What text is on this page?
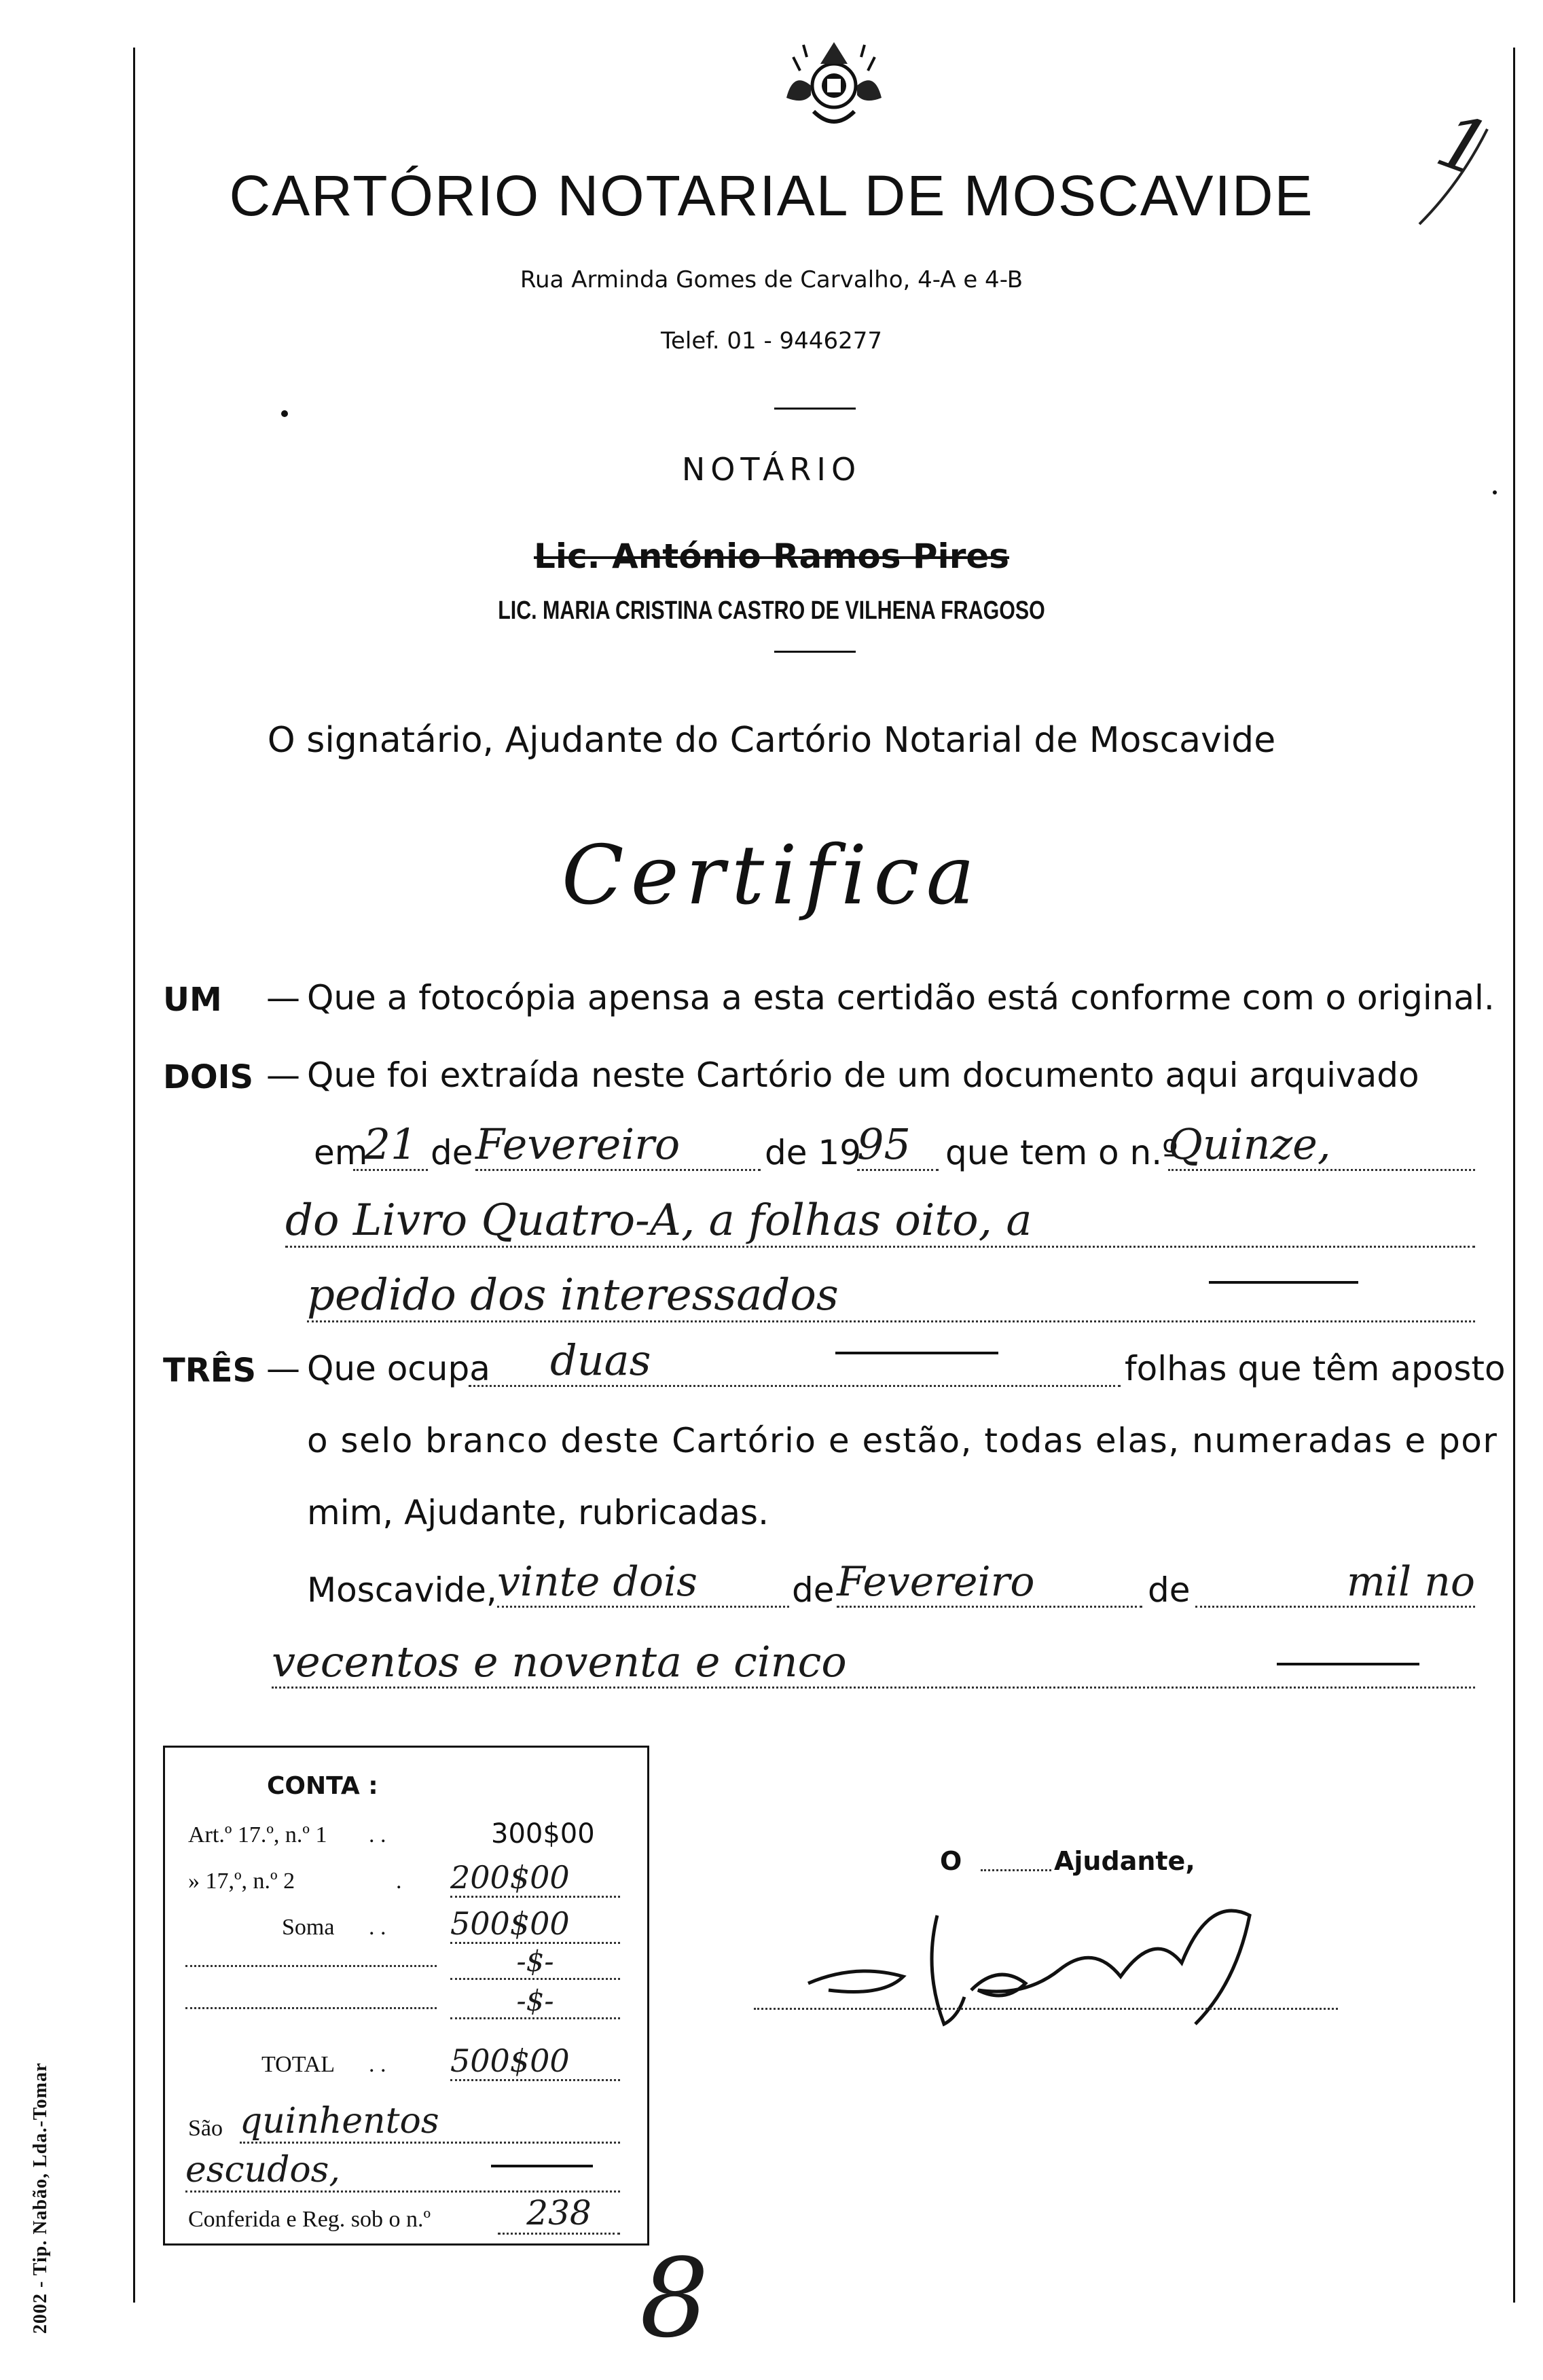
1
CARTÓRIO NOTARIAL DE MOSCAVIDE
Rua Arminda Gomes de Carvalho, 4-A e 4-B
Telef. 01 - 9446277
NOTÁRIO
Lic. António Ramos Pires
LIC. MARIA CRISTINA CASTRO DE VILHENA FRAGOSO
O signatário, Ajudante do Cartório Notarial de Moscavide
Certifica
UM — Que a fotocópia apensa a esta certidão está conforme com o original.
DOIS — Que foi extraída neste Cartório de um documento aqui arquivado
em
21 de Fevereiro	de 19
95	que tem o n.º
Quinze,
do Livro Quatro-A, a folhas oito, a
pedido dos interessados
TRÊS — Que ocupa	duas	folhas que têm aposto
o selo branco deste Cartório e estão, todas elas, numeradas e por
mim, Ajudante, rubricadas.
Moscavide, vinte dois	de Fevereiro	de	mil no
vecentos e noventa e cinco
CONTA :
Art.º 17.º, n.º 1 . .	300$00
» 17,º, n.º 2	. 200$00
Soma . . 500$00
-$-
-$-
TOTAL . . 500$00
São quinhentos
escudos,
Conferida e Reg. sob o n.º	238
O	Ajudante,
2002 - Tip. Nabão, Lda.-Tomar	8
